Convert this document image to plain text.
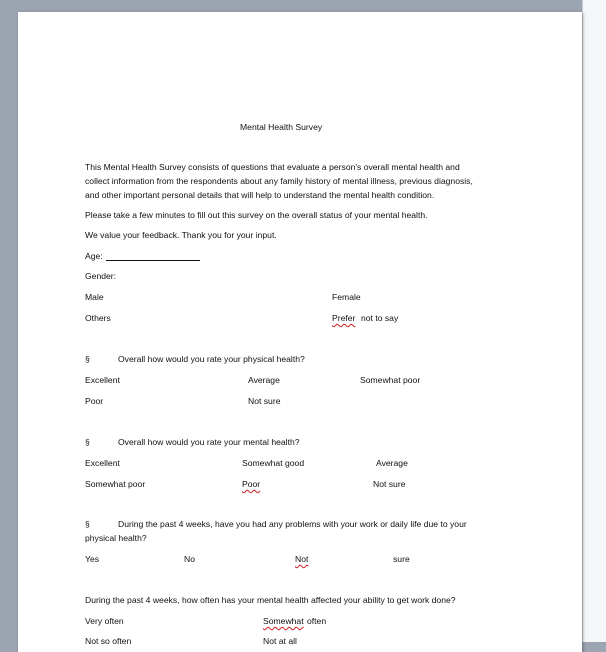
Mental Health Survey
This Mental Health Survey consists of questions that evaluate a person's overall mental health and
collect information from the respondents about any family history of mental illness, previous diagnosis,
and other important personal details that will help to understand the mental health condition.
Please take a few minutes to fill out this survey on the overall status of your mental health.
We value your feedback. Thank you for your input.
Age:
Gender:
Male	Female
Others	Prefer not to say
§	Overall how would you rate your physical health?
Excellent	Average	Somewhat poor
Poor	Not sure
§	Overall how would you rate your mental health?
Excellent	Somewhat good	Average
Somewhat poor	Poor	Not sure
§	During the past 4 weeks, have you had any problems with your work or daily life due to your
physical health?
Yes	No	Not	sure
During the past 4 weeks, how often has your mental health affected your ability to get work done?
Very often	Somewhat often
Not so often	Not at all
